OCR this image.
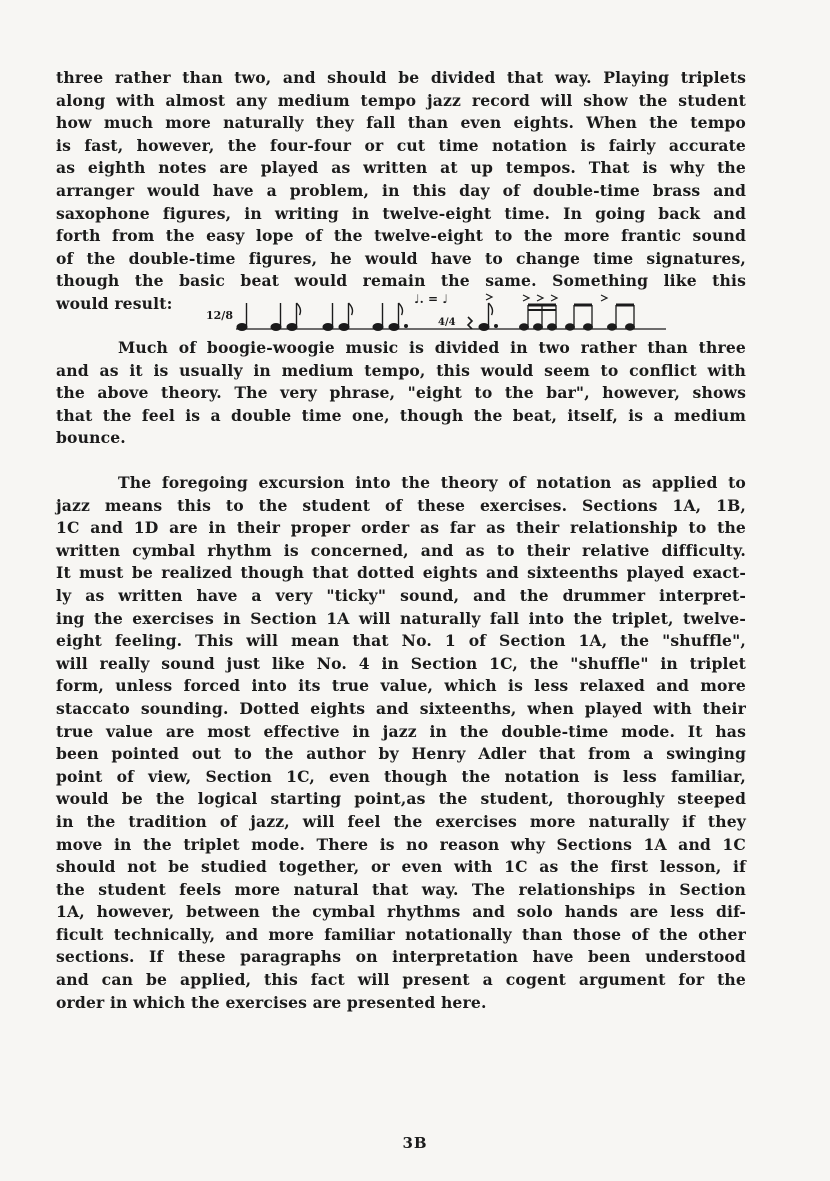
three rather than two, and should be divided that way. Playing triplets
along with almost any medium tempo jazz record will show the student
how much more naturally they fall than even eights. When the tempo
is fast, however, the four-four or cut time notation is fairly accurate
as eighth notes are played as written at up tempos. That is why the
arranger would have a problem, in this day of double-time brass and
saxophone figures, in writing in twelve-eight time. In going back and
forth from the easy lope of the twelve-eight to the more frantic sound
of the double-time figures, he would have to change time signatures,
though the basic beat would remain the same. Something like this
would result:
12/8
♩. = ♩
4/4
Much of boogie-woogie music is divided in two rather than three
and as it is usually in medium tempo, this would seem to conflict with
the above theory. The very phrase, "eight to the bar", however, shows
that the feel is a double time one, though the beat, itself, is a medium
bounce.
The foregoing excursion into the theory of notation as applied to
jazz means this to the student of these exercises. Sections 1A, 1B,
1C and 1D are in their proper order as far as their relationship to the
written cymbal rhythm is concerned, and as to their relative difficulty.
It must be realized though that dotted eights and sixteenths played exact-
ly as written have a very "ticky" sound, and the drummer interpret-
ing the exercises in Section 1A will naturally fall into the triplet, twelve-
eight feeling. This will mean that No. 1 of Section 1A, the "shuffle",
will really sound just like No. 4 in Section 1C, the "shuffle" in triplet
form, unless forced into its true value, which is less relaxed and more
staccato sounding. Dotted eights and sixteenths, when played with their
true value are most effective in jazz in the double-time mode. It has
been pointed out to the author by Henry Adler that from a swinging
point of view, Section 1C, even though the notation is less familiar,
would be the logical starting point,as the student, thoroughly steeped
in the tradition of jazz, will feel the exercises more naturally if they
move in the triplet mode. There is no reason why Sections 1A and 1C
should not be studied together, or even with 1C as the first lesson, if
the student feels more natural that way. The relationships in Section
1A, however, between the cymbal rhythms and solo hands are less dif-
ficult technically, and more familiar notationally than those of the other
sections. If these paragraphs on interpretation have been understood
and can be applied, this fact will present a cogent argument for the
order in which the exercises are presented here.
3B
